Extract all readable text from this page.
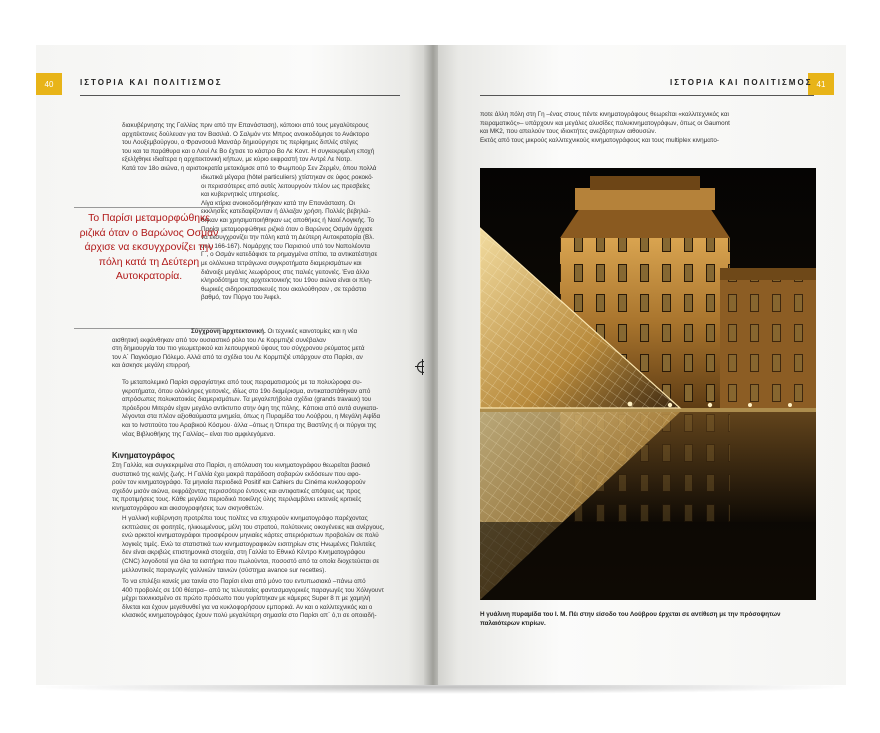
40	ΙΣΤΟΡΙΑ ΚΑΙ ΠΟΛΙΤΙΣΜΟΣ
διακυβέρνησης της Γαλλίας πριν από την Επανάσταση), κάποιοι από τους μεγαλύτερους
αρχιτέκτονες δούλευαν για τον Βασιλιά. Ο Σαλμόν ντε Μπρος ανοικοδόμησε το Ανάκτορο
του Λουξεμβούργου, ο Φρανσουά Μανσάρ δημιούργησε τις περίφημες διπλές στέγες
του και τα παράθυρα και ο Λουί Λε Βο έχτισε το κάστρο Βο Λε Κοντ. Η συγκεκριμένη εποχή
εξελίχθηκε ιδιαίτερα η αρχιτεκτονική κήπων, με κύριο εκφραστή τον Αντρέ Λε Νοτρ.
Κατά τον 18ο αιώνα, η αριστοκρατία μετακόμισε από το Φωμπούρ Σεν Ζερμέν, όπου πολλά
ιδιωτικά μέγαρα (hôtel particuliers) χτίστηκαν σε ύφος ροκοκό·
οι περισσότερες από αυτές λειτουργούν πλέον ως πρεσβείες
και κυβερνητικές υπηρεσίες.
Λίγα κτίρια ανοικοδομήθηκαν κατά την Επανάσταση. Οι
εκκλησίες κατεδαφίζονταν ή άλλαζαν χρήση. Πολλές βεβηλώ-
θηκαν και χρησιμοποιήθηκαν ως αποθήκες ή Ναοί Λογικής. Το
Παρίσι μεταμορφώθηκε ριζικά όταν ο Βαρώνος Οσμάν άρχισε
να εκσυγχρονίζει την πόλη κατά τη Δεύτερη Αυτοκρατορία (Βλ.
σελ. 166-167). Νομάρχης του Παρισιού υπό τον Ναπολέοντα
Γ΄, ο Οσμάν κατεδάφισε τα ρημαγμένα σπίτια, τα αντικατέστησε
με ολόλευκα τετράγωνα συγκροτήματα διαμερισμάτων και
διάνοιξε μεγάλες λεωφόρους στις παλιές γειτονιές. Ένα άλλο
κληροδότημα της αρχιτεκτονικής του 19ου αιώνα είναι οι πλη-
θωρικές σιδηροκατασκευές που ακολούθησαν , σε τεράστιο
βαθμό, τον Πύργο του Άιφελ.
Το Παρίσι μεταμορφώθηκε ριζικά όταν ο Βαρώνος Οσμάν άρχισε να εκσυγχρονίζει την πόλη κατά τη Δεύτερη Αυτοκρατορία.
Σύγχρονη αρχιτεκτονική. Οι τεχνικές καινοτομίες και η νέα
αισθητική εκφάνθηκαν από τον ουσιαστικό ρόλο του Λε Κορμπιζιέ συνέβαλαν
στη δημιουργία του πιο γεωμετρικού και λειτουργικού ύφους του σύγχρονου ρεύματος μετά
τον Α΄ Παγκόσμιο Πόλεμο. Αλλά από τα σχέδια του Λε Κορμπιζιέ υπάρχουν στο Παρίσι, αν
και άσκησε μεγάλη επιρροή.
Το μεταπολεμικό Παρίσι σφραγίστηκε από τους πειραματισμούς με τα πολυώροφα συ-
γκροτήματα, όπου ολόκληρες γειτονιές, ιδίως στο 19ο διαμέρισμα, αντικαταστάθηκαν από
απρόσωπες πολυκατοικίες διαμερισμάτων. Τα μεγαλεπήβολα σχέδια (grands travaux) του
πρόεδρου Μιτεράν είχαν μεγάλο αντίκτυπο στην όψη της πόλης. Κάποια από αυτά συγκατα-
λέγονται στα πλέον αξιοθαύμαστα μνημεία, όπως η Πυραμίδα του Λούβρου, η Μεγάλη Αψίδα
και το Ινστιτούτο του Αραβικού Κόσμου· άλλα –όπως η Όπερα της Βαστίλης ή οι πύργοι της
νέας Βιβλιοθήκης της Γαλλίας– είναι πιο αμφιλεγόμενα.
Κινηματογράφος
Στη Γαλλία, και συγκεκριμένα στο Παρίσι, η απόλαυση του κινηματογράφου θεωρείται βασικό
συστατικό της καλής ζωής. Η Γαλλία έχει μακρά παράδοση σοβαρών εκδόσεων που αφο-
ρούν τον κινηματογράφο. Τα μηνιαία περιοδικά Positif και Cahiers du Cinéma κυκλοφορούν
σχεδόν μισόν αιώνα, εκφράζοντας περισσότερο έντονες και αντιφατικές απόψεις ως προς
τις προτιμήσεις τους. Κάθε μεγάλο περιοδικό ποικίλης ύλης περιλαμβάνει εκτενείς κριτικές
κινηματογράφου και ακισογραφήσεις των σκηνοθετών.
Η γαλλική κυβέρνηση προτρέπει τους πολίτες να επιχειρούν κινηματογράφο παρέχοντας
εκπτώσεις σε φοιτητές, ηλικιωμένους, μέλη του στρατού, πολύτεκνες οικογένειες και ανέργους,
ενώ αρκετοί κινηματογράφοι προσφέρουν μηνιαίες κάρτες απεριόριστων προβολών σε πολύ
λογικές τιμές. Ενώ τα στατιστικά των κινηματογραφικών εισιτηρίων στις Ηνωμένες Πολιτείες
δεν είναι ακριβώς επιστημονικά στοιχεία, στη Γαλλία το Εθνικό Κέντρο Κινηματογράφου
(CNC) λογοδοτεί για όλα τα εισιτήρια που πωλούνται, ποσοστό από τα οποία διοχετεύεται σε
μελλοντικές παραγωγές γαλλικών ταινιών (σύστημα avance sur recettes).
Το να επιλέξει κανείς μια ταινία στο Παρίσι είναι από μόνο του εντυπωσιακό –πάνω από
400 προβολές σε 100 θέατρα– από τις τελευταίες φαντασμαγορικές παραγωγές του Χόλιγουντ
μέχρι τεκνικισμένο σε πρώτο πρόσωπο που γυρίστηκαν με κάμερες Super 8 π με χαμηλή
δίνεται και έχουν μεγεθυνθεί για να κυκλοφορήσουν εμπορικά. Αν και ο καλλιτεχνικός και ο
κλασικός κινηματογράφος έχουν πολύ μεγαλύτερη σημασία στο Παρίσι απ΄ ό,τι σε οποιαδή-
41
ΙΣΤΟΡΙΑ ΚΑΙ ΠΟΛΙΤΙΣΜΟΣ
ποτε άλλη πόλη στη Γη –ένας στους πέντε κινηματογράφους θεωρείται «καλλιτεχνικός και
πειραματικός»– υπάρχουν και μεγάλες αλυσίδες πολυκινηματογράφων, όπως οι Gaumont
και MK2, που απειλούν τους ιδιοκτήτες ανεξάρτητων αιθουσών.
Εκτός από τους μικρούς καλλιτεχνικούς κινηματογράφους και τους multiplex κινηματο-
Η γυάλινη πυραμίδα του Ι. Μ. Πέι στην είσοδο του Λούβρου έρχεται σε αντίθεση με την πρόσοψητων παλαιότερων κτιρίων.
